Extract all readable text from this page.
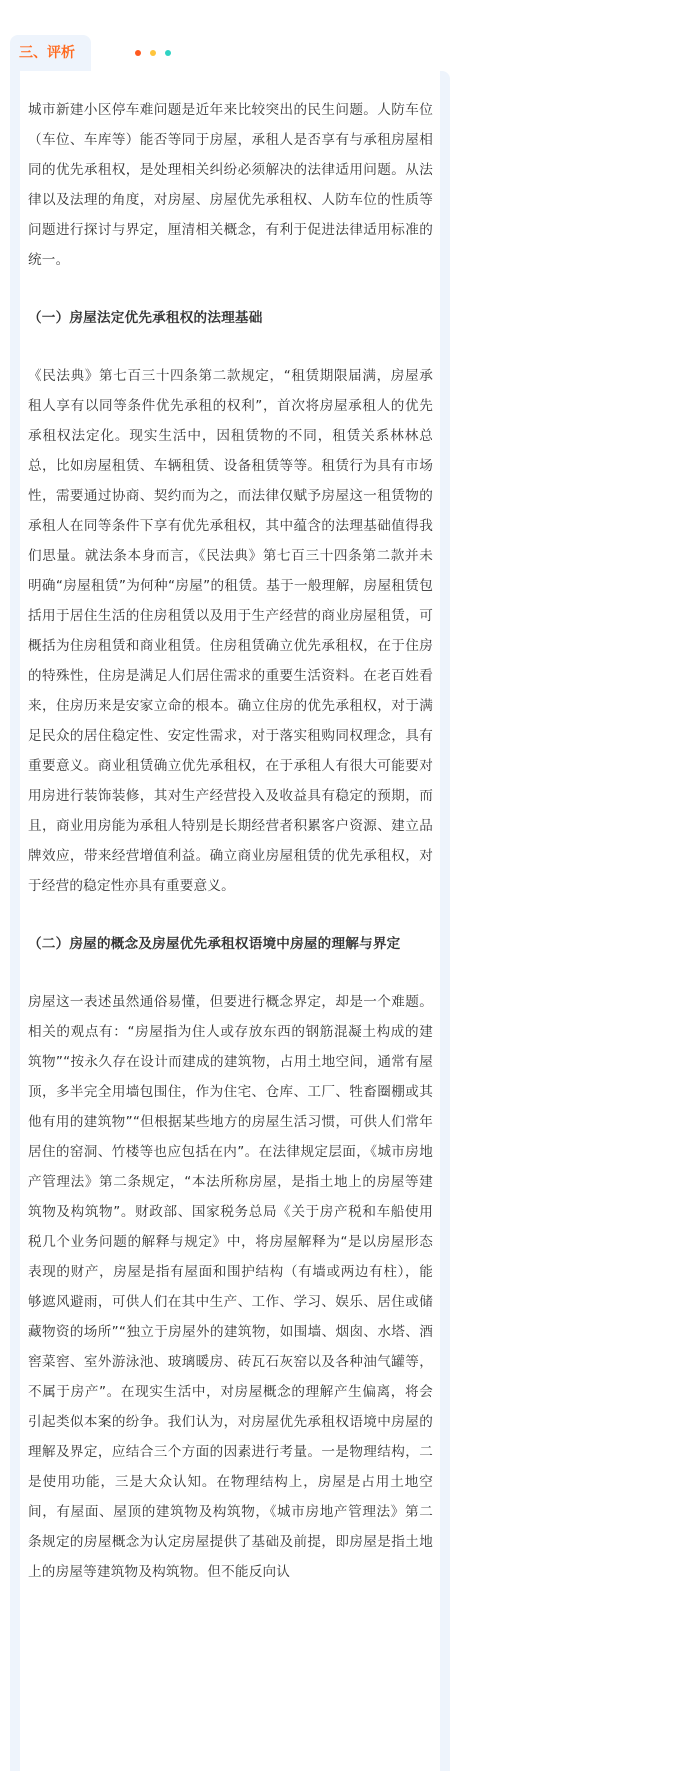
三、评析

城市新建小区停车难问题是近年来比较突出的民生问题。人防车位（车位、车库等）能否等同于房屋，承租人是否享有与承租房屋相同的优先承租权，是处理相关纠纷必须解决的法律适用问题。从法律以及法理的角度，对房屋、房屋优先承租权、人防车位的性质等问题进行探讨与界定，厘清相关概念，有利于促进法律适用标准的统一。

（一）房屋法定优先承租权的法理基础

《民法典》第七百三十四条第二款规定，“租赁期限届满，房屋承租人享有以同等条件优先承租的权利”，首次将房屋承租人的优先承租权法定化。现实生活中，因租赁物的不同，租赁关系林林总总，比如房屋租赁、车辆租赁、设备租赁等等。租赁行为具有市场性，需要通过协商、契约而为之，而法律仅赋予房屋这一租赁物的承租人在同等条件下享有优先承租权，其中蕴含的法理基础值得我们思量。就法条本身而言，《民法典》第七百三十四条第二款并未明确“房屋租赁”为何种“房屋”的租赁。基于一般理解，房屋租赁包括用于居住生活的住房租赁以及用于生产经营的商业房屋租赁，可概括为住房租赁和商业租赁。住房租赁确立优先承租权，在于住房的特殊性，住房是满足人们居住需求的重要生活资料。在老百姓看来，住房历来是安家立命的根本。确立住房的优先承租权，对于满足民众的居住稳定性、安定性需求，对于落实租购同权理念，具有重要意义。商业租赁确立优先承租权，在于承租人有很大可能要对用房进行装饰装修，其对生产经营投入及收益具有稳定的预期，而且，商业用房能为承租人特别是长期经营者积累客户资源、建立品牌效应，带来经营增值利益。确立商业房屋租赁的优先承租权，对于经营的稳定性亦具有重要意义。

（二）房屋的概念及房屋优先承租权语境中房屋的理解与界定

房屋这一表述虽然通俗易懂，但要进行概念界定，却是一个难题。相关的观点有：“房屋指为住人或存放东西的钢筋混凝土构成的建筑物”“按永久存在设计而建成的建筑物，占用土地空间，通常有屋顶，多半完全用墙包围住，作为住宅、仓库、工厂、牲畜圈棚或其他有用的建筑物”“但根据某些地方的房屋生活习惯，可供人们常年居住的窑洞、竹楼等也应包括在内”。在法律规定层面，《城市房地产管理法》第二条规定，“本法所称房屋，是指土地上的房屋等建筑物及构筑物”。财政部、国家税务总局《关于房产税和车船使用税几个业务问题的解释与规定》中，将房屋解释为“是以房屋形态表现的财产，房屋是指有屋面和围护结构（有墙或两边有柱），能够遮风避雨，可供人们在其中生产、工作、学习、娱乐、居住或储藏物资的场所”“独立于房屋外的建筑物，如围墙、烟囱、水塔、酒窖菜窖、室外游泳池、玻璃暖房、砖瓦石灰窑以及各种油气罐等，不属于房产”。在现实生活中，对房屋概念的理解产生偏离，将会引起类似本案的纷争。我们认为，对房屋优先承租权语境中房屋的理解及界定，应结合三个方面的因素进行考量。一是物理结构，二是使用功能，三是大众认知。在物理结构上，房屋是占用土地空间，有屋面、屋顶的建筑物及构筑物，《城市房地产管理法》第二条规定的房屋概念为认定房屋提供了基础及前提，即房屋是指土地上的房屋等建筑物及构筑物。但不能反向认
